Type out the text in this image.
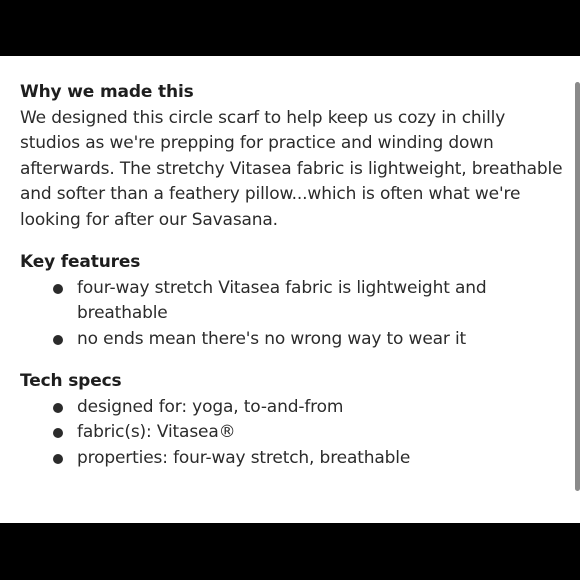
Why we made this

We designed this circle scarf to help keep us cozy in chilly studios as we're prepping for practice and winding down afterwards. The stretchy Vitasea fabric is lightweight, breathable and softer than a feathery pillow...which is often what we're looking for after our Savasana.

Key features
four-way stretch Vitasea fabric is lightweight and breathable
no ends mean there's no wrong way to wear it
Tech specs
designed for: yoga, to-and-from
fabric(s): Vitasea®
properties: four-way stretch, breathable
